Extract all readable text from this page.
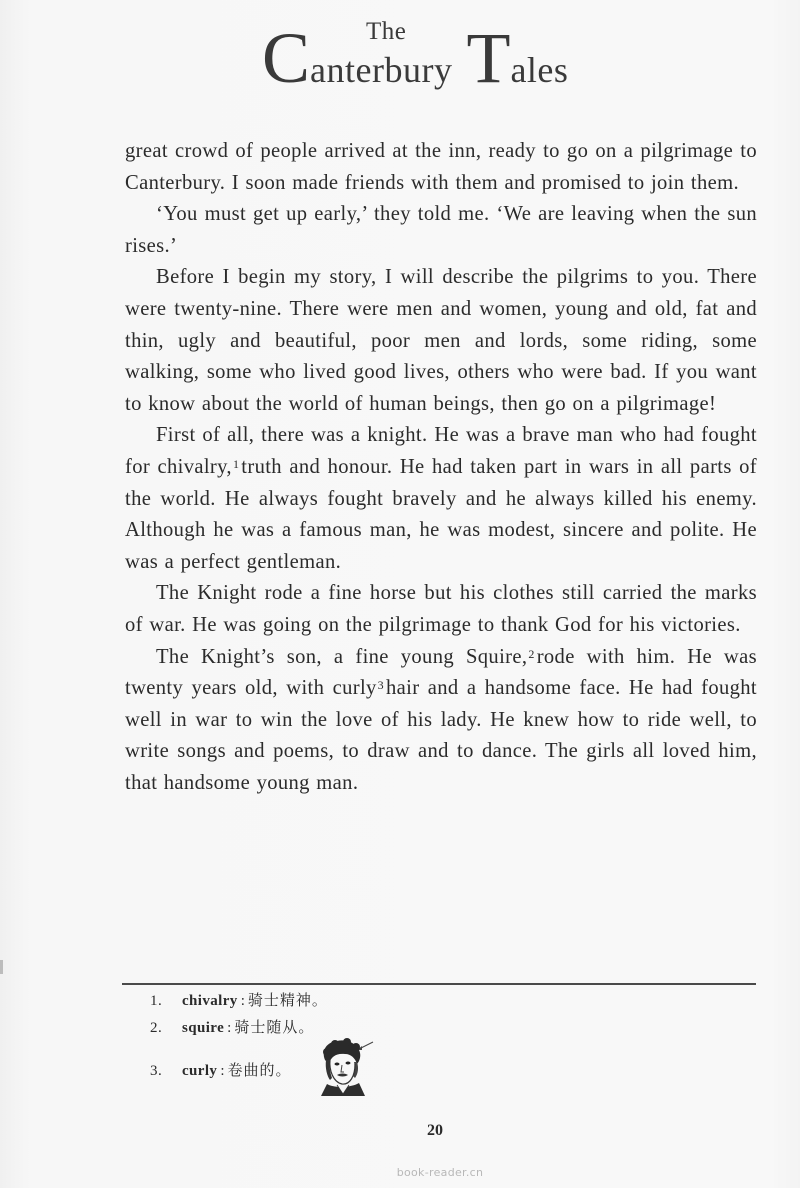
The
Canterbury Tales

great crowd of people arrived at the inn, ready to go on a pilgrimage to Canterbury. I soon made friends with them and promised to join them.

‘You must get up early,’ they told me. ‘We are leaving when the sun rises.’

Before I begin my story, I will describe the pilgrims to you. There were twenty-nine. There were men and women, young and old, fat and thin, ugly and beautiful, poor men and lords, some riding, some walking, some who lived good lives, others who were bad. If you want to know about the world of human beings, then go on a pilgrimage!

First of all, there was a knight. He was a brave man who had fought for chivalry,$^1$truth and honour. He had taken part in wars in all parts of the world. He always fought bravely and he always killed his enemy. Although he was a famous man, he was modest, sincere and polite. He was a perfect gentleman.

The Knight rode a fine horse but his clothes still carried the marks of war. He was going on the pilgrimage to thank God for his victories.

The Knight’s son, a fine young Squire,$^2$rode with him. He was twenty years old, with curly$^3$hair and a handsome face. He had fought well in war to win the love of his lady. He knew how to ride well, to write songs and poems, to draw and to dance. The girls all loved him, that handsome young man.

1. chivalry : 骑士精神。
2. squire : 骑士随从。
3. curly : 卷曲的。
20
book-reader.cn
